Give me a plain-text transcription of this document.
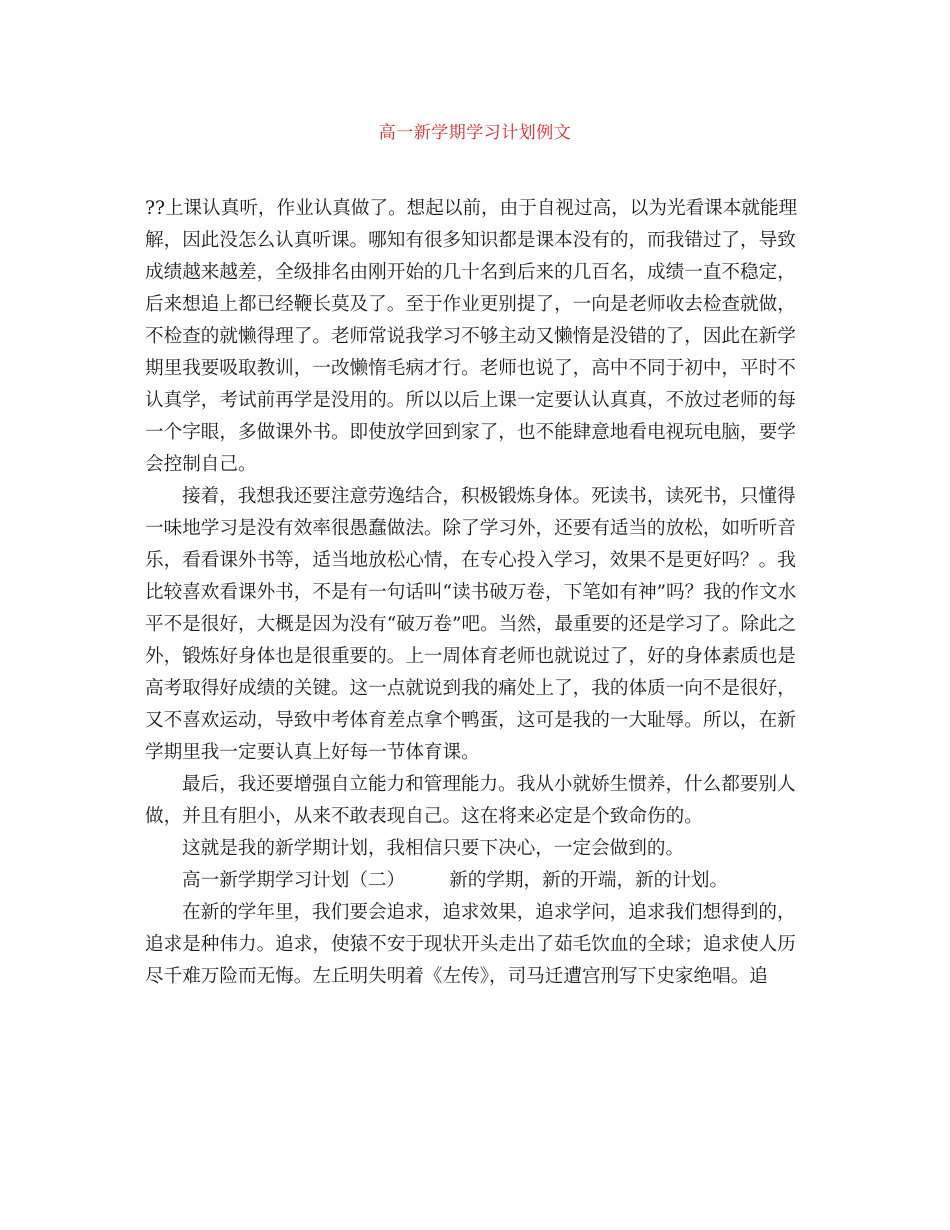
高一新学期学习计划例文
??上课认真听，作业认真做了。想起以前，由于自视过高，以为光看课本就能理
解，因此没怎么认真听课。哪知有很多知识都是课本没有的，而我错过了，导致
成绩越来越差，全级排名由刚开始的几十名到后来的几百名，成绩一直不稳定，
后来想追上都已经鞭长莫及了。至于作业更别提了，一向是老师收去检查就做，
不检查的就懒得理了。老师常说我学习不够主动又懒惰是没错的了，因此在新学
期里我要吸取教训，一改懒惰毛病才行。老师也说了，高中不同于初中，平时不
认真学，考试前再学是没用的。所以以后上课一定要认认真真，不放过老师的每
一个字眼，多做课外书。即使放学回到家了，也不能肆意地看电视玩电脑，要学
会控制自己。
接着，我想我还要注意劳逸结合，积极锻炼身体。死读书，读死书，只懂得
一味地学习是没有效率很愚蠢做法。除了学习外，还要有适当的放松，如听听音
乐，看看课外书等，适当地放松心情，在专心投入学习，效果不是更好吗？。我
比较喜欢看课外书，不是有一句话叫“读书破万卷，下笔如有神”吗？我的作文水
平不是很好，大概是因为没有“破万卷”吧。当然，最重要的还是学习了。除此之
外，锻炼好身体也是很重要的。上一周体育老师也就说过了，好的身体素质也是
高考取得好成绩的关键。这一点就说到我的痛处上了，我的体质一向不是很好，
又不喜欢运动，导致中考体育差点拿个鸭蛋，这可是我的一大耻辱。所以，在新
学期里我一定要认真上好每一节体育课。
最后，我还要增强自立能力和管理能力。我从小就娇生惯养，什么都要别人
做，并且有胆小，从来不敢表现自己。这在将来必定是个致命伤的。
这就是我的新学期计划，我相信只要下决心，一定会做到的。
高一新学期学习计划（二） 新的学期，新的开端，新的计划。
在新的学年里，我们要会追求，追求效果，追求学问，追求我们想得到的，
追求是种伟力。追求，使猿不安于现状开头走出了茹毛饮血的全球；追求使人历
尽千难万险而无悔。左丘明失明着《左传》，司马迁遭宫刑写下史家绝唱。追
